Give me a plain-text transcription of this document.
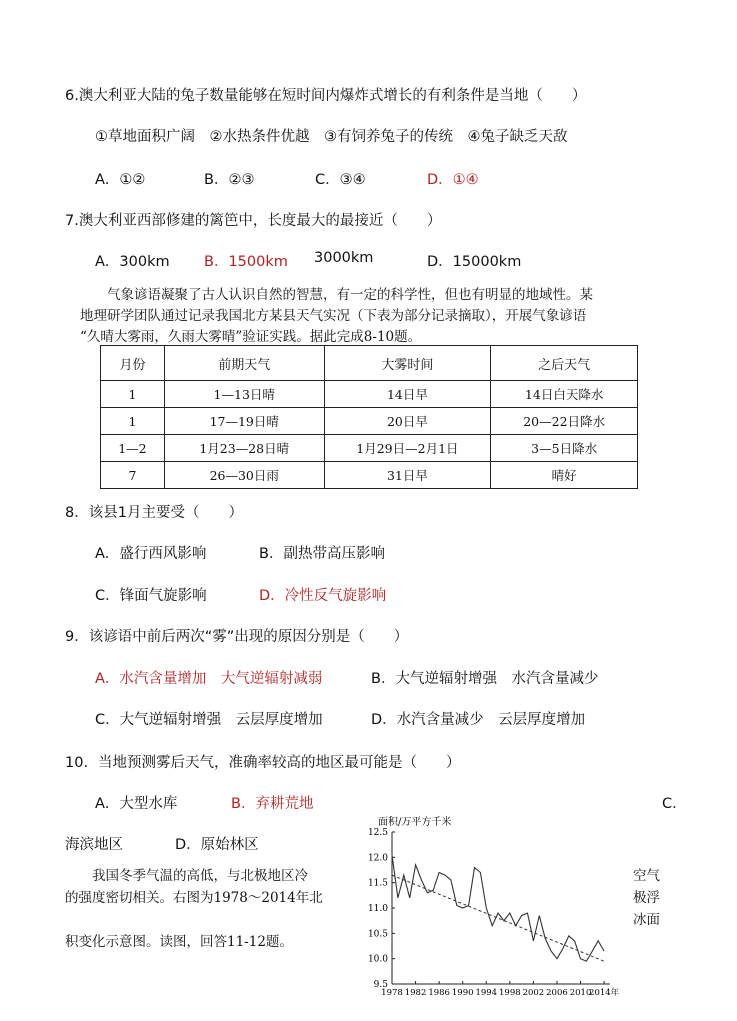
6.澳大利亚大陆的兔子数量能够在短时间内爆炸式增长的有利条件是当地（　　）
①草地面积广阔　②水热条件优越　③有饲养兔子的传统　④兔子缺乏天敌
A．①②	B．②③	C．③④	D．①④
7.澳大利亚西部修建的篱笆中，长度最大的最接近（　　）
A．300km B．1500km 3000km	D．15000km
　　气象谚语凝聚了古人认识自然的智慧，有一定的科学性，但也有明显的地域性。某
地理研学团队通过记录我国北方某县天气实况（下表为部分记录摘取），开展气象谚语
“久晴大雾雨，久雨大雾晴”验证实践。据此完成8-10题。
月份	前期天气	大雾时间	之后天气
1	1—13日晴	14日早	14日白天降水
1	17—19日晴	20日早	20—22日降水
1—2	1月23—28日晴	1月29日—2月1日	3—5日降水
7	26—30日雨	31日早	晴好
8．该县1月主要受（　　）
A．盛行西风影响	B．副热带高压影响
C．锋面气旋影响	D．冷性反气旋影响
9．该谚语中前后两次“雾”出现的原因分别是（　　）
A．水汽含量增加　大气逆辐射减弱	B．大气逆辐射增强　水汽含量减少
C．大气逆辐射增强　云层厚度增加	D．水汽含量减少　云层厚度增加
10．当地预测雾后天气，准确率较高的地区最可能是（　　）
A．大型水库	B．弃耕荒地	C．
海滨地区	D．原始林区
　　我国冬季气温的高低，与北极地区冷	空气
的强度密切相关。右图为1978～2014年北	极浮
冰面
积变化示意图。读图，回答11-12题。
面积/万平方千米
9.5
10.0
10.5
11.0
11.5
12.0
12.5
1978 1982 1986 1990 1994 1998 2002 2006 2010
2014年
